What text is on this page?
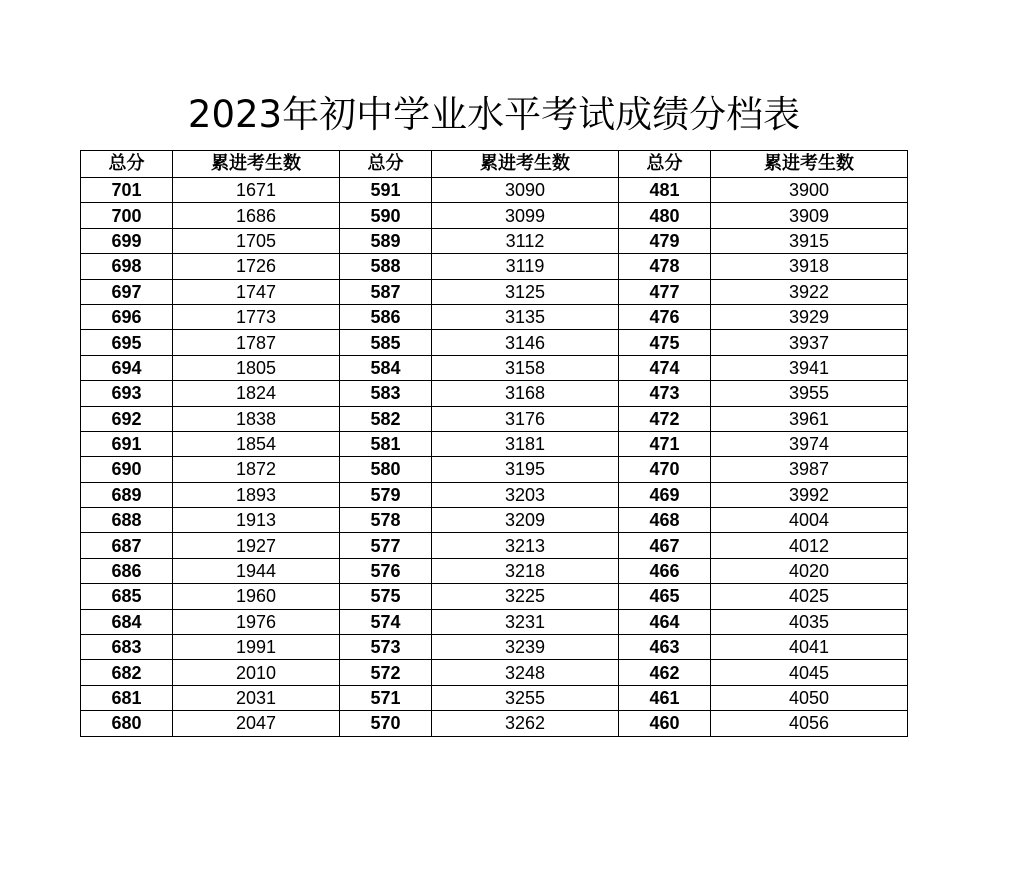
2023年初中学业水平考试成绩分档表
总分	累进考生数	总分	累进考生数	总分	累进考生数
701	1671	591	3090	481	3900
700	1686	590	3099	480	3909
699	1705	589	3112	479	3915
698	1726	588	3119	478	3918
697	1747	587	3125	477	3922
696	1773	586	3135	476	3929
695	1787	585	3146	475	3937
694	1805	584	3158	474	3941
693	1824	583	3168	473	3955
692	1838	582	3176	472	3961
691	1854	581	3181	471	3974
690	1872	580	3195	470	3987
689	1893	579	3203	469	3992
688	1913	578	3209	468	4004
687	1927	577	3213	467	4012
686	1944	576	3218	466	4020
685	1960	575	3225	465	4025
684	1976	574	3231	464	4035
683	1991	573	3239	463	4041
682	2010	572	3248	462	4045
681	2031	571	3255	461	4050
680	2047	570	3262	460	4056
